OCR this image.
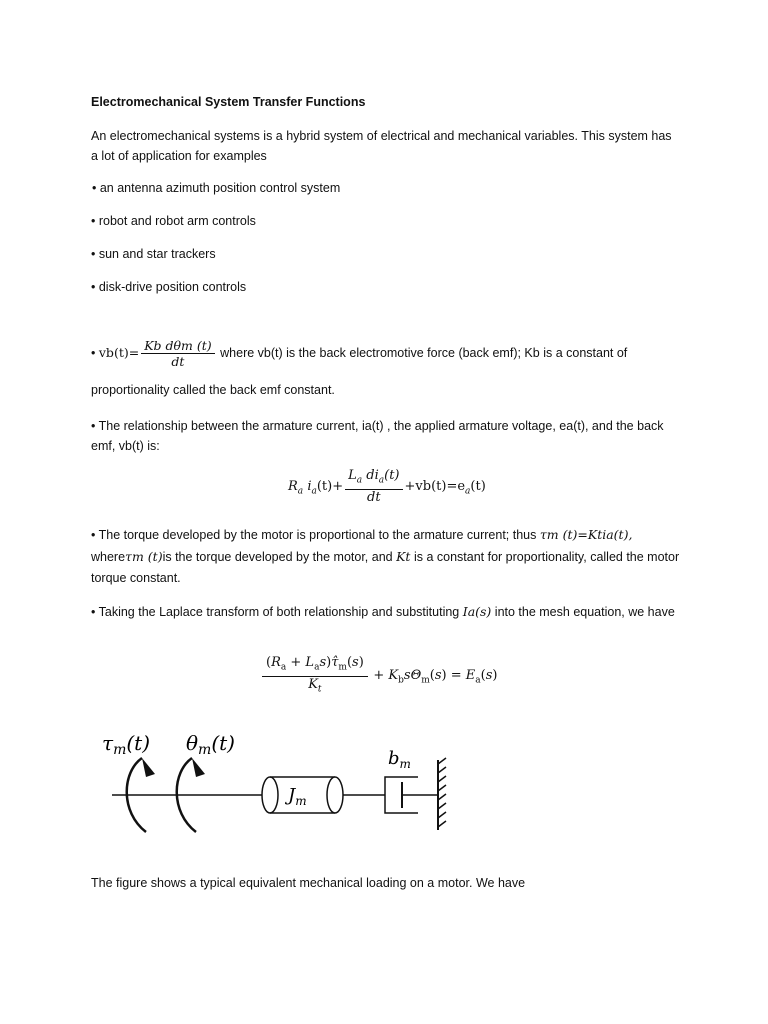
Electromechanical System Transfer Functions
An electromechanical systems is a hybrid system of electrical and mechanical variables. This system has a lot of application for examples
• an antenna azimuth position control system
• robot and robot arm controls
• sun and star trackers
• disk-drive position controls
• $vb(t)= \frac{\text{Kb dθm (t)}}{dt}$ where vb(t) is the back electromotive force (back emf); Kb is a constant of
proportionality called the back emf constant.
• The relationship between the armature current, ia(t) , the applied armature voltage, ea(t), and the back emf, vb(t) is:
$R_a$ $i_a(t)+ \frac{L_a di_a(t)}{dt} +vb(t)=e_a(t)$
• The torque developed by the motor is proportional to the armature current; thus τm (t)=Ktia(t), whereτm (t)is the torque developed by the motor, and Kt is a constant for proportionality, called the motor torque constant.
• Taking the Laplace transform of both relationship and substituting Ia(s) into the mesh equation, we have
$\frac{(R_a + L_as)\taû_m(s)}{K_t} + K_bs\Theta_m(s) = E_a(s)$
$\tau_m(t)$ $\theta_m(t)$
$J_m$
$b_m$
The figure shows a typical equivalent mechanical loading on a motor. We have
